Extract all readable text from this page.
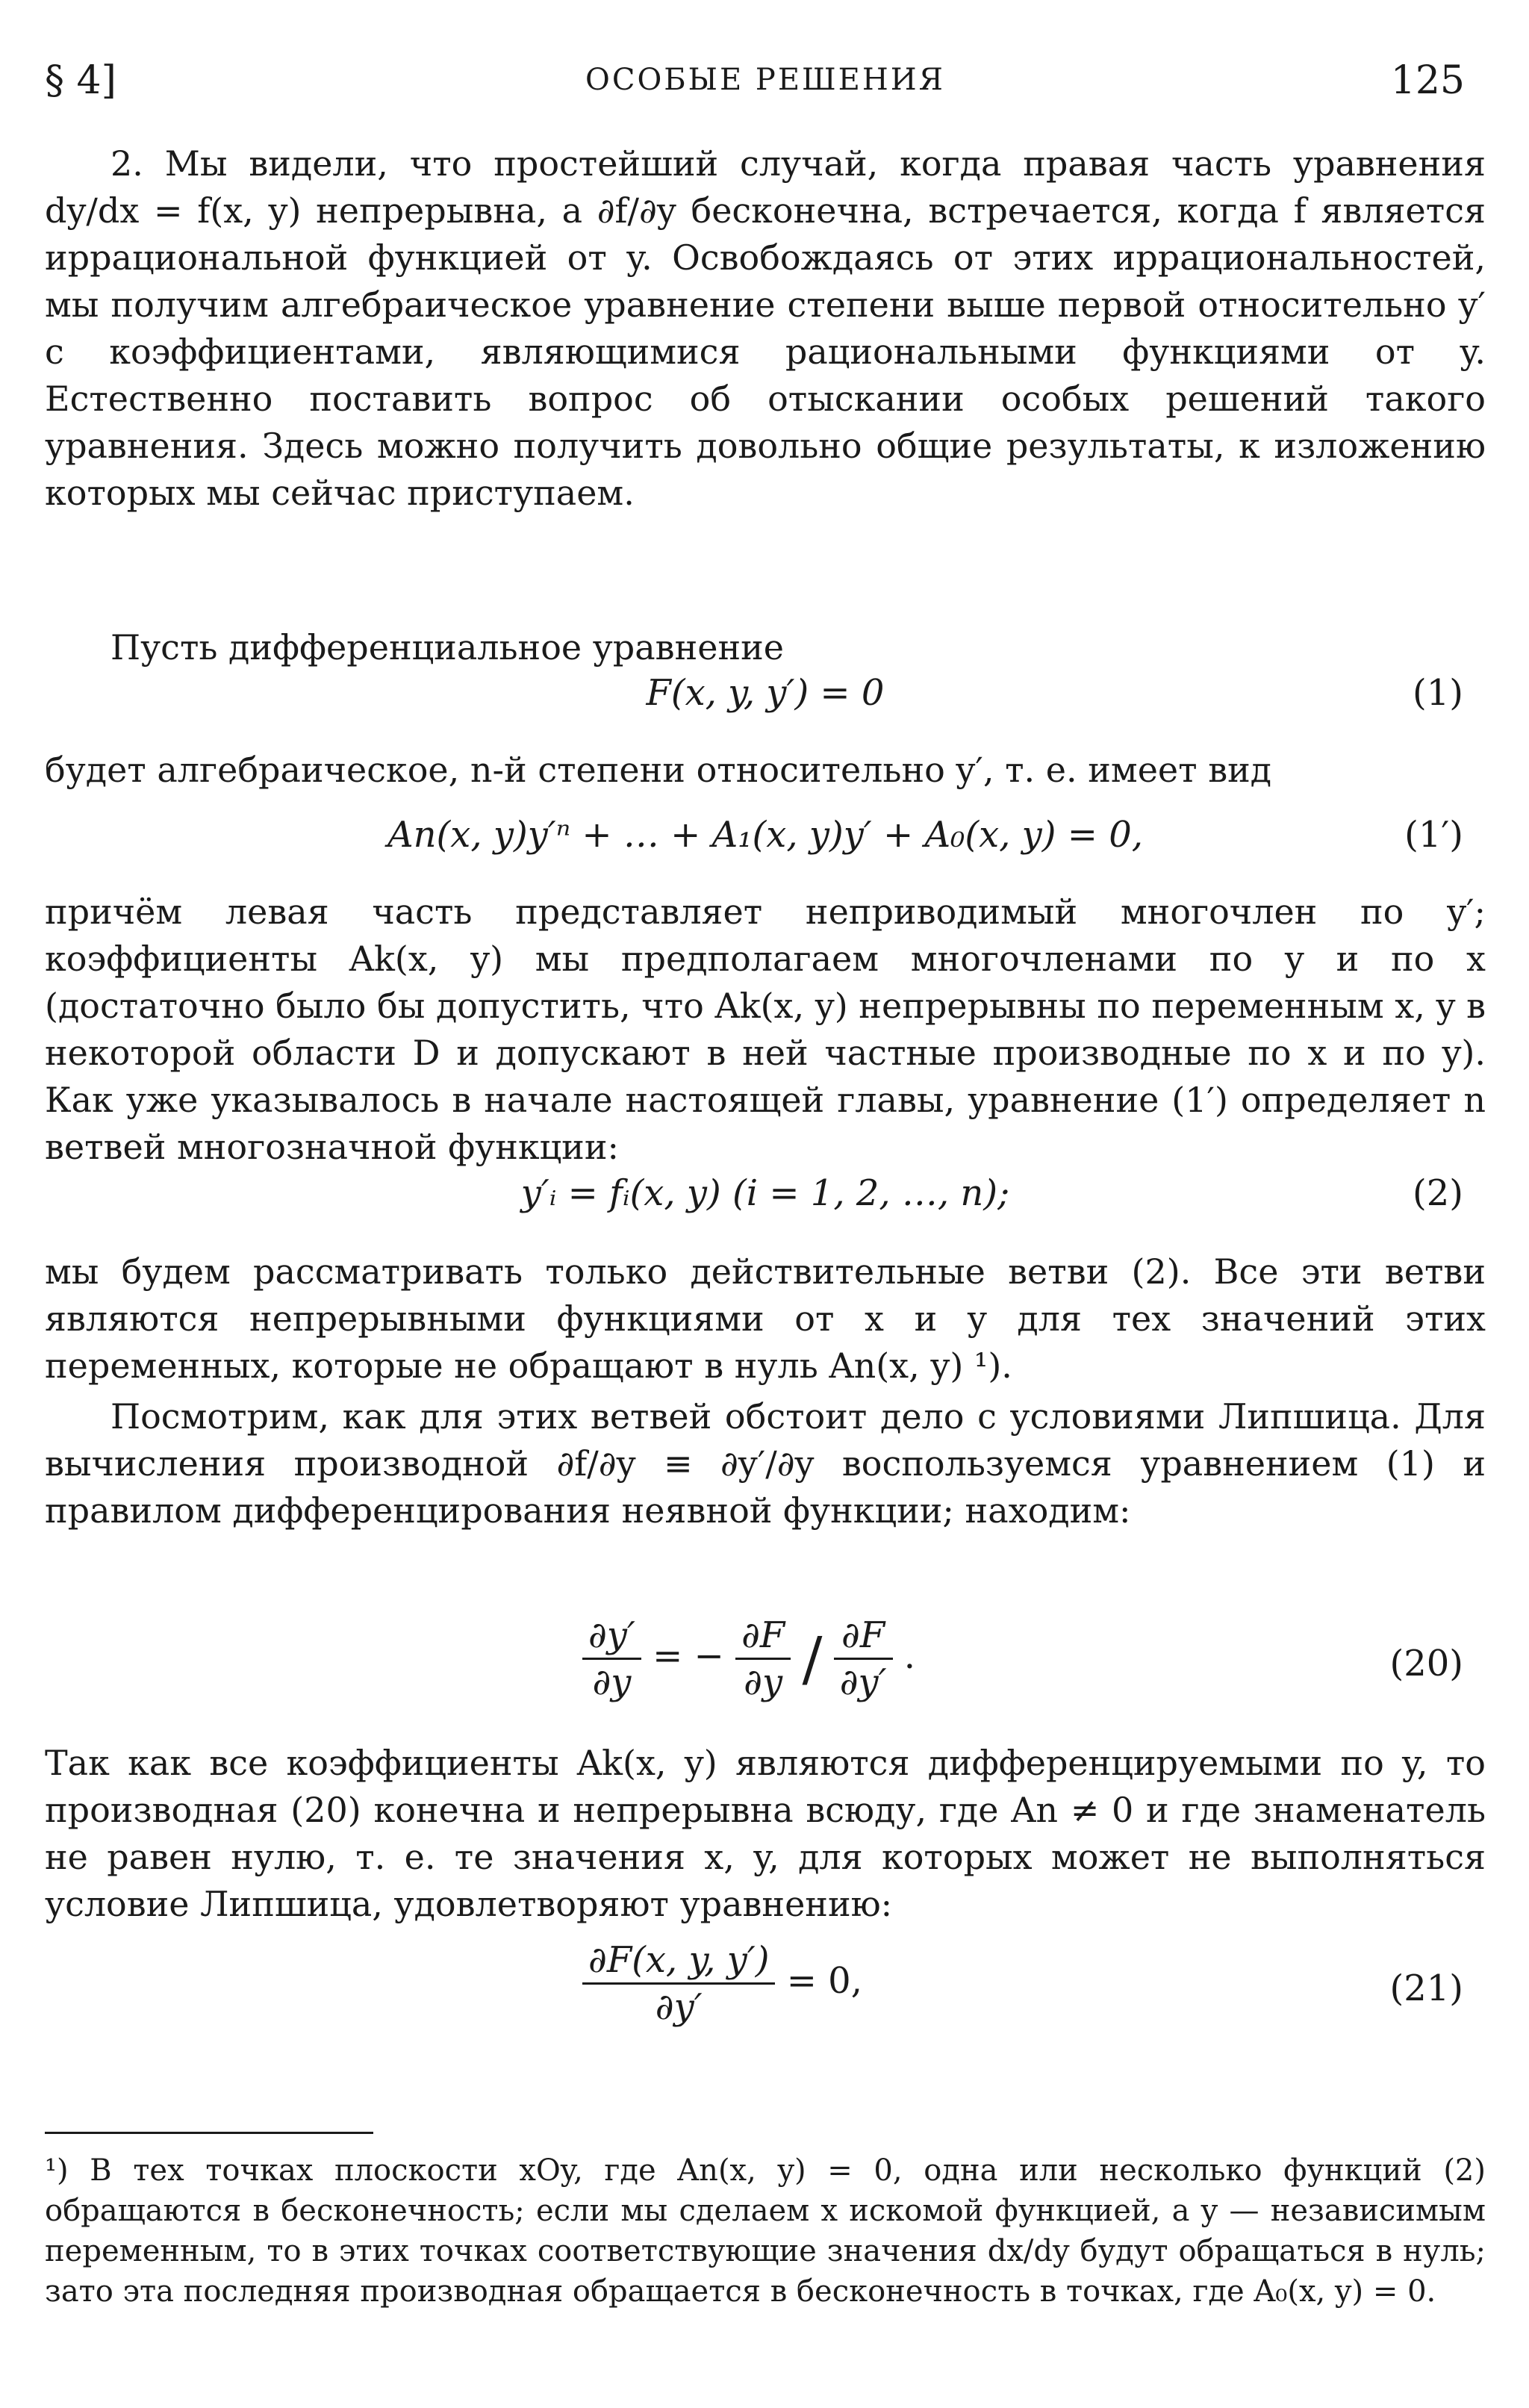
§ 4]	ОСОБЫЕ РЕШЕНИЯ	125

2. Мы видели, что простейший случай, когда правая часть уравнения dy/dx = f(x, y) непрерывна, а ∂f/∂y бесконечна, встречается, когда f является иррациональной функцией от y. Освобождаясь от этих иррациональностей, мы получим алгебраическое уравнение степени выше первой относительно y′ с коэффициентами, являющимися рациональными функциями от y. Естественно поставить вопрос об отыскании особых решений такого уравнения. Здесь можно получить довольно общие результаты, к изложению которых мы сейчас приступаем.

Пусть дифференциальное уравнение

F(x, y, y′) = 0	(1)

будет алгебраическое, n-й степени относительно y′, т. е. имеет вид

An(x, y)y′ⁿ + … + A₁(x, y)y′ + A₀(x, y) = 0,	(1′)

причём левая часть представляет неприводимый многочлен по y′; коэффициенты Ak(x, y) мы предполагаем многочленами по y и по x (достаточно было бы допустить, что Ak(x, y) непрерывны по переменным x, y в некоторой области D и допускают в ней частные производные по x и по y). Как уже указывалось в начале настоящей главы, уравнение (1′) определяет n ветвей многозначной функции:

y′ᵢ = fᵢ(x, y) (i = 1, 2, …, n);	(2)

мы будем рассматривать только действительные ветви (2). Все эти ветви являются непрерывными функциями от x и y для тех значений этих переменных, которые не обращают в нуль An(x, y) ¹).

Посмотрим, как для этих ветвей обстоит дело с условиями Липшица. Для вычисления производной ∂f/∂y ≡ ∂y′/∂y воспользуемся уравнением (1) и правилом дифференцирования неявной функции; находим:

$\frac{\partial y'}{\partial y}$ = − $\frac{\partial F}{\partial y} / \frac{\partial F}{\partial y'}$ .	(20)

Так как все коэффициенты Ak(x, y) являются дифференцируемыми по y, то производная (20) конечна и непрерывна всюду, где An ≠ 0 и где знаменатель не равен нулю, т. е. те значения x, y, для которых может не выполняться условие Липшица, удовлетворяют уравнению:

$\frac{\partial F(x, y, y')}{\partial y'} = 0$,	(21)

¹) В тех точках плоскости xOy, где An(x, y) = 0, одна или несколько функций (2) обращаются в бесконечность; если мы сделаем x искомой функцией, а y — независимым переменным, то в этих точках соответствующие значения dx/dy будут обращаться в нуль; зато эта последняя производная обращается в бесконечность в точках, где A₀(x, y) = 0.
